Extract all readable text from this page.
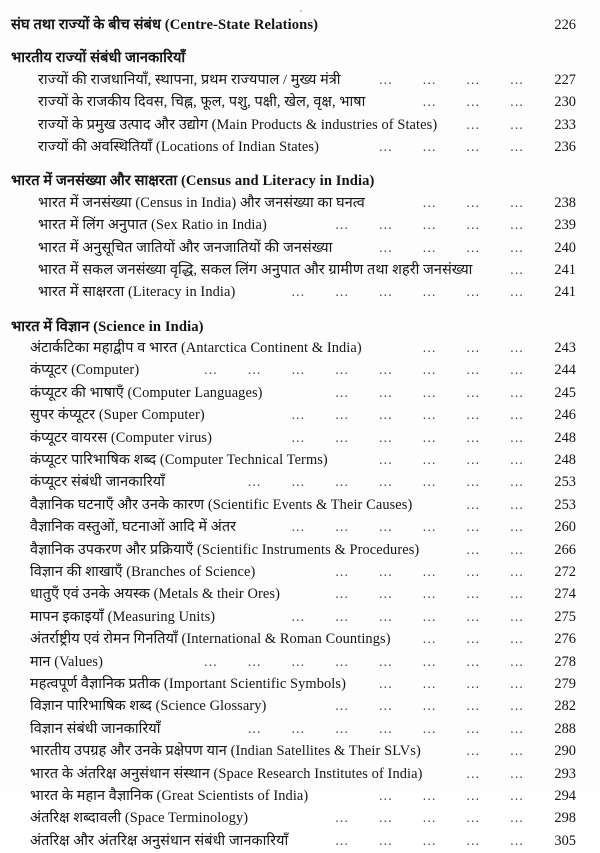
संघ तथा राज्यों के बीच संबंध (Centre-State Relations)	226
भारतीय राज्यों संबंधी जानकारियाँ
राज्यों की राजधानियाँ, स्थापना, प्रथम राज्यपाल / मुख्य मंत्री	... ... ... ...	227
राज्यों के राजकीय दिवस, चिह्न, फूल, पशु, पक्षी, खेल, वृक्ष, भाषा	... ... ...	230
राज्यों के प्रमुख उत्पाद और उद्योग (Main Products & industries of States) ... ...	233
राज्यों की अवस्थितियाँ (Locations of Indian States)	... ... ... ...	236
भारत में जनसंख्या और साक्षरता (Census and Literacy in India)
भारत में जनसंख्या (Census in India) और जनसंख्या का घनत्व	... ... ...	238
भारत में लिंग अनुपात (Sex Ratio in India)	... ... ... ... ...	239
भारत में अनुसूचित जातियों और जनजातियों की जनसंख्या	... ... ... ...	240
भारत में सकल जनसंख्या वृद्धि, सकल लिंग अनुपात और ग्रामीण तथा शहरी जनसंख्या	...	241
भारत में साक्षरता (Literacy in India)	... ... ... ... ... ...	241
भारत में विज्ञान (Science in India)
अंटार्कटिका महाद्वीप व भारत (Antarctica Continent & India)	... ... ...	243
कंप्यूटर (Computer)	... ... ... ... ... ... ... ...	244
कंप्यूटर की भाषाएँ (Computer Languages)	... ... ... ... ...	245
सुपर कंप्यूटर (Super Computer)	... ... ... ... ... ...	246
कंप्यूटर वायरस (Computer virus)	... ... ... ... ... ...	248
कंप्यूटर पारिभाषिक शब्द (Computer Technical Terms)	... ... ... ...	248
कंप्यूटर संबंधी जानकारियाँ	... ... ... ... ... ... ...	253
वैज्ञानिक घटनाएँ और उनके कारण (Scientific Events & Their Causes)	... ...	253
वैज्ञानिक वस्तुओं, घटनाओं आदि में अंतर	... ... ... ... ... ...	260
वैज्ञानिक उपकरण और प्रक्रियाएँ (Scientific Instruments & Procedures)	... ...	266
विज्ञान की शाखाएँ (Branches of Science)	... ... ... ... ...	272
धातुएँ एवं उनके अयस्क (Metals & their Ores)	... ... ... ... ...	274
मापन इकाइयाँ (Measuring Units)	... ... ... ... ... ...	275
अंतर्राष्ट्रीय एवं रोमन गिनतियाँ (International & Roman Countings) ... ... ...	276
मान (Values)	... ... ... ... ... ... ... ...	278
महत्वपूर्ण वैज्ञानिक प्रतीक (Important Scientific Symbols) ... ... ... ...	279
विज्ञान पारिभाषिक शब्द (Science Glossary)	... ... ... ... ...	282
विज्ञान संबंधी जानकारियाँ	... ... ... ... ... ... ...	288
भारतीय उपग्रह और उनके प्रक्षेपण यान (Indian Satellites & Their SLVs)	... ...	290
भारत के अंतरिक्ष अनुसंधान संस्थान (Space Research Institutes of India)	... ...	293
भारत के महान वैज्ञानिक (Great Scientists of India)	... ... ... ...	294
अंतरिक्ष शब्दावली (Space Terminology)	... ... ... ... ...	298
अंतरिक्ष और अंतरिक्ष अनुसंधान संबंधी जानकारियाँ	... ... ... ... ...	305
